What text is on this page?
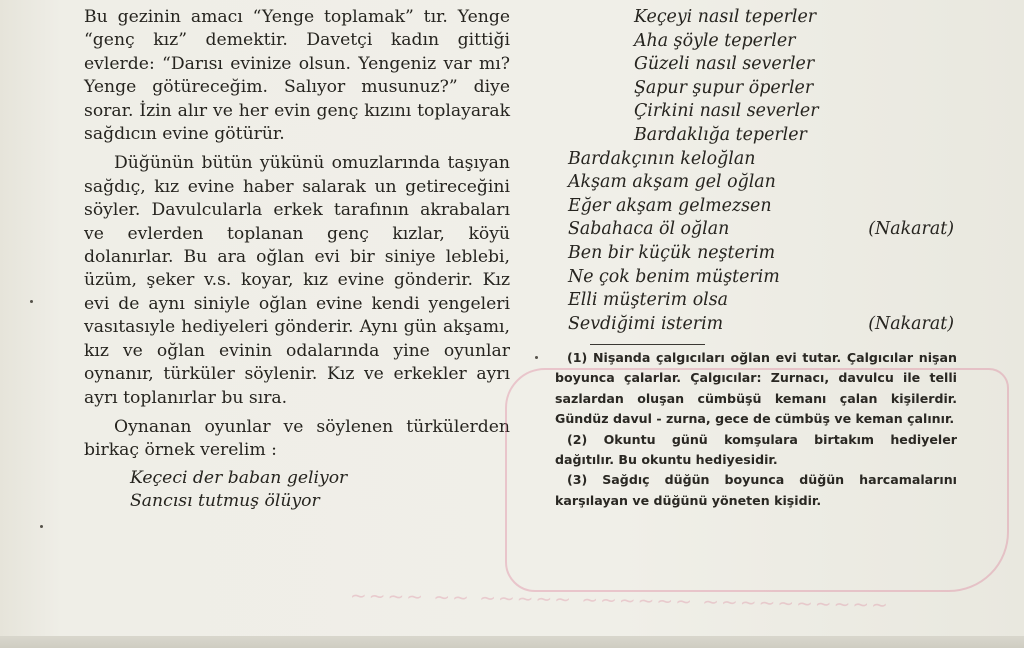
Bu gezinin amacı “Yenge toplamak” tır. Yenge “genç kız” demektir. Davetçi kadın gittiği evlerde: “Darısı evinize olsun. Yengeniz var mı? Yenge götüreceğim. Salıyor musunuz?” diye sorar. İzin alır ve her evin genç kızını toplayarak sağdıcın evine götürür.

Düğünün bütün yükünü omuzlarında taşıyan sağdıç, kız evine haber salarak un getireceğini söyler. Davulcularla erkek tarafının akrabaları ve evlerden toplanan genç kızlar, köyü dolanırlar. Bu ara oğlan evi bir siniye leblebi, üzüm, şeker v.s. koyar, kız evine gönderir. Kız evi de aynı siniyle oğlan evine kendi yengeleri vasıtasıyle hediyeleri gönderir. Aynı gün akşamı, kız ve oğlan evinin odalarında yine oyunlar oynanır, türküler söylenir. Kız ve erkekler ayrı ayrı toplanırlar bu sıra.

Oynanan oyunlar ve söylenen türkülerden birkaç örnek verelim :

Keçeci der baban geliyor
Sancısı tutmuş ölüyor
Keçeyi nasıl teperler
Aha şöyle teperler
Güzeli nasıl severler
Şapur şupur öperler
Çirkini nasıl severler
Bardaklığa teperler
Bardakçının keloğlan
Akşam akşam gel oğlan
Eğer akşam gelmezsen
Sabahaca öl oğlan	(Nakarat)
Ben bir küçük neşterim
Ne çok benim müşterim
Elli müşterim olsa
Sevdiğimi isterim	(Nakarat)

(1) Nişanda çalgıcıları oğlan evi tutar. Çalgıcılar nişan boyunca çalarlar. Çalgıcılar: Zurnacı, davulcu ile telli sazlardan oluşan cümbüşü kemanı çalan kişilerdir. Gündüz davul - zurna, gece de cümbüş ve keman çalınır.

(2) Okuntu günü komşulara birtakım hediyeler dağıtılır. Bu okuntu hediyesidir.

(3) Sağdıç düğün boyunca düğün harcamalarını karşılayan ve düğünü yöneten kişidir.

~~~~ ~~ ~~~~~ ~~~~~~ ~~~~~~~~~~
